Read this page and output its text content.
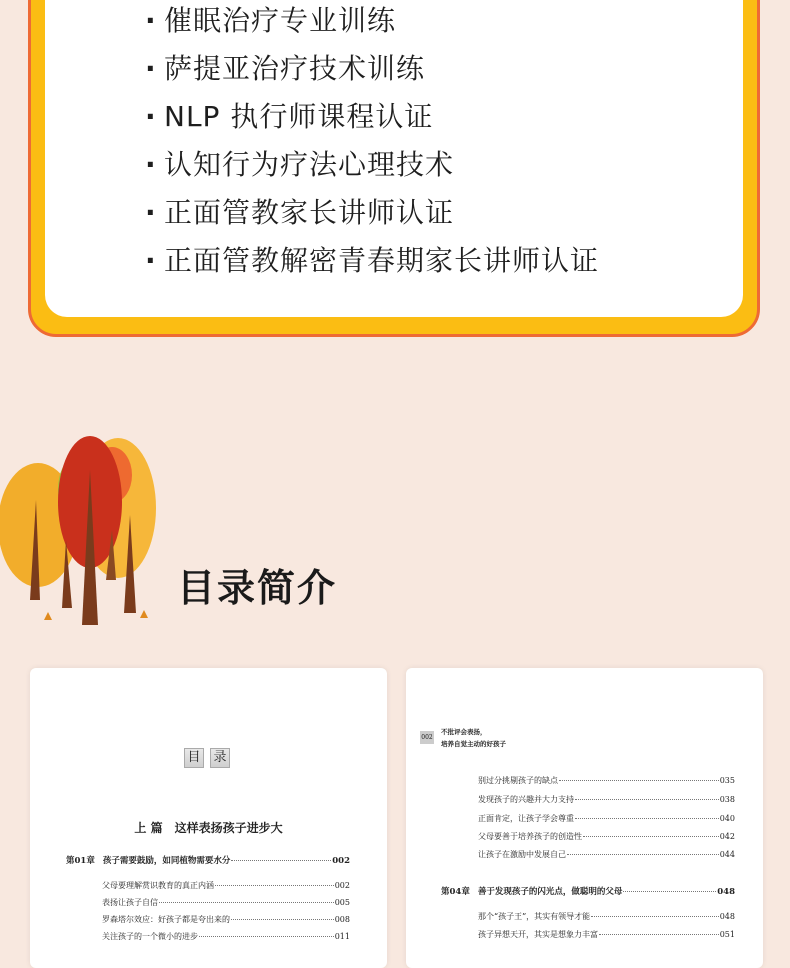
· 催眠治疗专业训练
· 萨提亚治疗技术训练
· NLP 执行师课程认证
· 认知行为疗法心理技术
· 正面管教家长讲师认证
· 正面管教解密青春期家长讲师认证
目录简介
目 录
上 篇　这样表扬孩子进步大
第01章 孩子需要鼓励，如同植物需要水分	002
父母要理解赏识教育的真正内涵	002
表扬让孩子自信	005
罗森塔尔效应：好孩子都是夸出来的	008
关注孩子的一个微小的进步	011
002
不批评会表扬，
培养自觉主动的好孩子
别过分挑剔孩子的缺点	035
发现孩子的兴趣并大力支持	038
正面肯定，让孩子学会尊重	040
父母要善于培养孩子的创造性	042
让孩子在激励中发展自己	044
第04章 善于发现孩子的闪光点，做聪明的父母	048
那个“孩子王”，其实有领导才能	048
孩子异想天开，其实是想象力丰富	051
